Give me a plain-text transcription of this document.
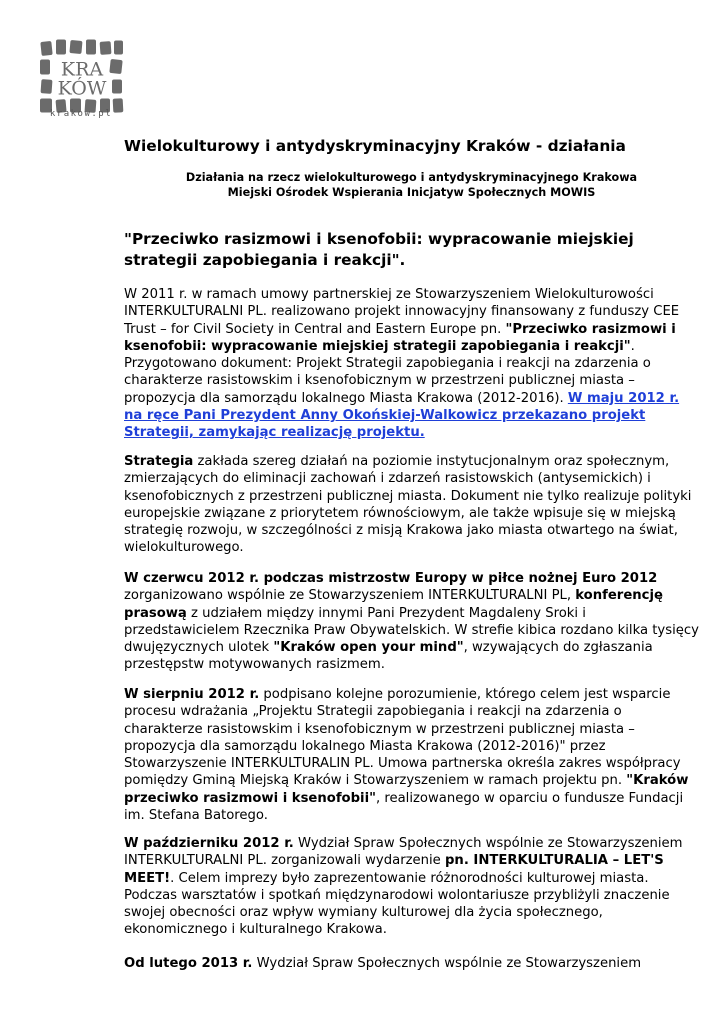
KRA
KÓW
krakow.pl
Wielokulturowy i antydyskryminacyjny Kraków - działania
Działania na rzecz wielokulturowego i antydyskryminacyjnego Krakowa
Miejski Ośrodek Wspierania Inicjatyw Społecznych MOWIS
"Przeciwko rasizmowi i ksenofobii: wypracowanie miejskiej strategii zapobiegania i reakcji".

W 2011 r. w ramach umowy partnerskiej ze Stowarzyszeniem Wielokulturowości INTERKULTURALNI PL. realizowano projekt innowacyjny finansowany z funduszy CEE Trust – for Civil Society in Central and Eastern Europe pn. "Przeciwko rasizmowi i ksenofobii: wypracowanie miejskiej strategii zapobiegania i reakcji". Przygotowano dokument: Projekt Strategii zapobiegania i reakcji na zdarzenia o charakterze rasistowskim i ksenofobicznym w przestrzeni publicznej miasta – propozycja dla samorządu lokalnego Miasta Krakowa (2012-2016). W maju 2012 r. na ręce Pani Prezydent Anny Okońskiej-Walkowicz przekazano projekt Strategii, zamykając realizację projektu.

Strategia zakłada szereg działań na poziomie instytucjonalnym oraz społecznym, zmierzających do eliminacji zachowań i zdarzeń rasistowskich (antysemickich) i ksenofobicznych z przestrzeni publicznej miasta. Dokument nie tylko realizuje polityki europejskie związane z priorytetem równościowym, ale także wpisuje się w miejską strategię rozwoju, w szczególności z misją Krakowa jako miasta otwartego na świat, wielokulturowego.

W czerwcu 2012 r. podczas mistrzostw Europy w piłce nożnej Euro 2012 zorganizowano wspólnie ze Stowarzyszeniem INTERKULTURALNI PL, konferencję prasową z udziałem między innymi Pani Prezydent Magdaleny Sroki i przedstawicielem Rzecznika Praw Obywatelskich. W strefie kibica rozdano kilka tysięcy dwujęzycznych ulotek "Kraków open your mind", wzywających do zgłaszania przestępstw motywowanych rasizmem.

W sierpniu 2012 r. podpisano kolejne porozumienie, którego celem jest wsparcie procesu wdrażania „Projektu Strategii zapobiegania i reakcji na zdarzenia o charakterze rasistowskim i ksenofobicznym w przestrzeni publicznej miasta – propozycja dla samorządu lokalnego Miasta Krakowa (2012-2016)" przez Stowarzyszenie INTERKULTURALIN PL. Umowa partnerska określa zakres współpracy pomiędzy Gminą Miejską Kraków i Stowarzyszeniem w ramach projektu pn. "Kraków przeciwko rasizmowi i ksenofobii", realizowanego w oparciu o fundusze Fundacji im. Stefana Batorego.

W październiku 2012 r. Wydział Spraw Społecznych wspólnie ze Stowarzyszeniem INTERKULTURALNI PL. zorganizowali wydarzenie pn. INTERKULTURALIA – LET'S MEET!. Celem imprezy było zaprezentowanie różnorodności kulturowej miasta. Podczas warsztatów i spotkań międzynarodowi wolontariusze przybliżyli znaczenie swojej obecności oraz wpływ wymiany kulturowej dla życia społecznego, ekonomicznego i kulturalnego Krakowa.

Od lutego 2013 r. Wydział Spraw Społecznych wspólnie ze Stowarzyszeniem
